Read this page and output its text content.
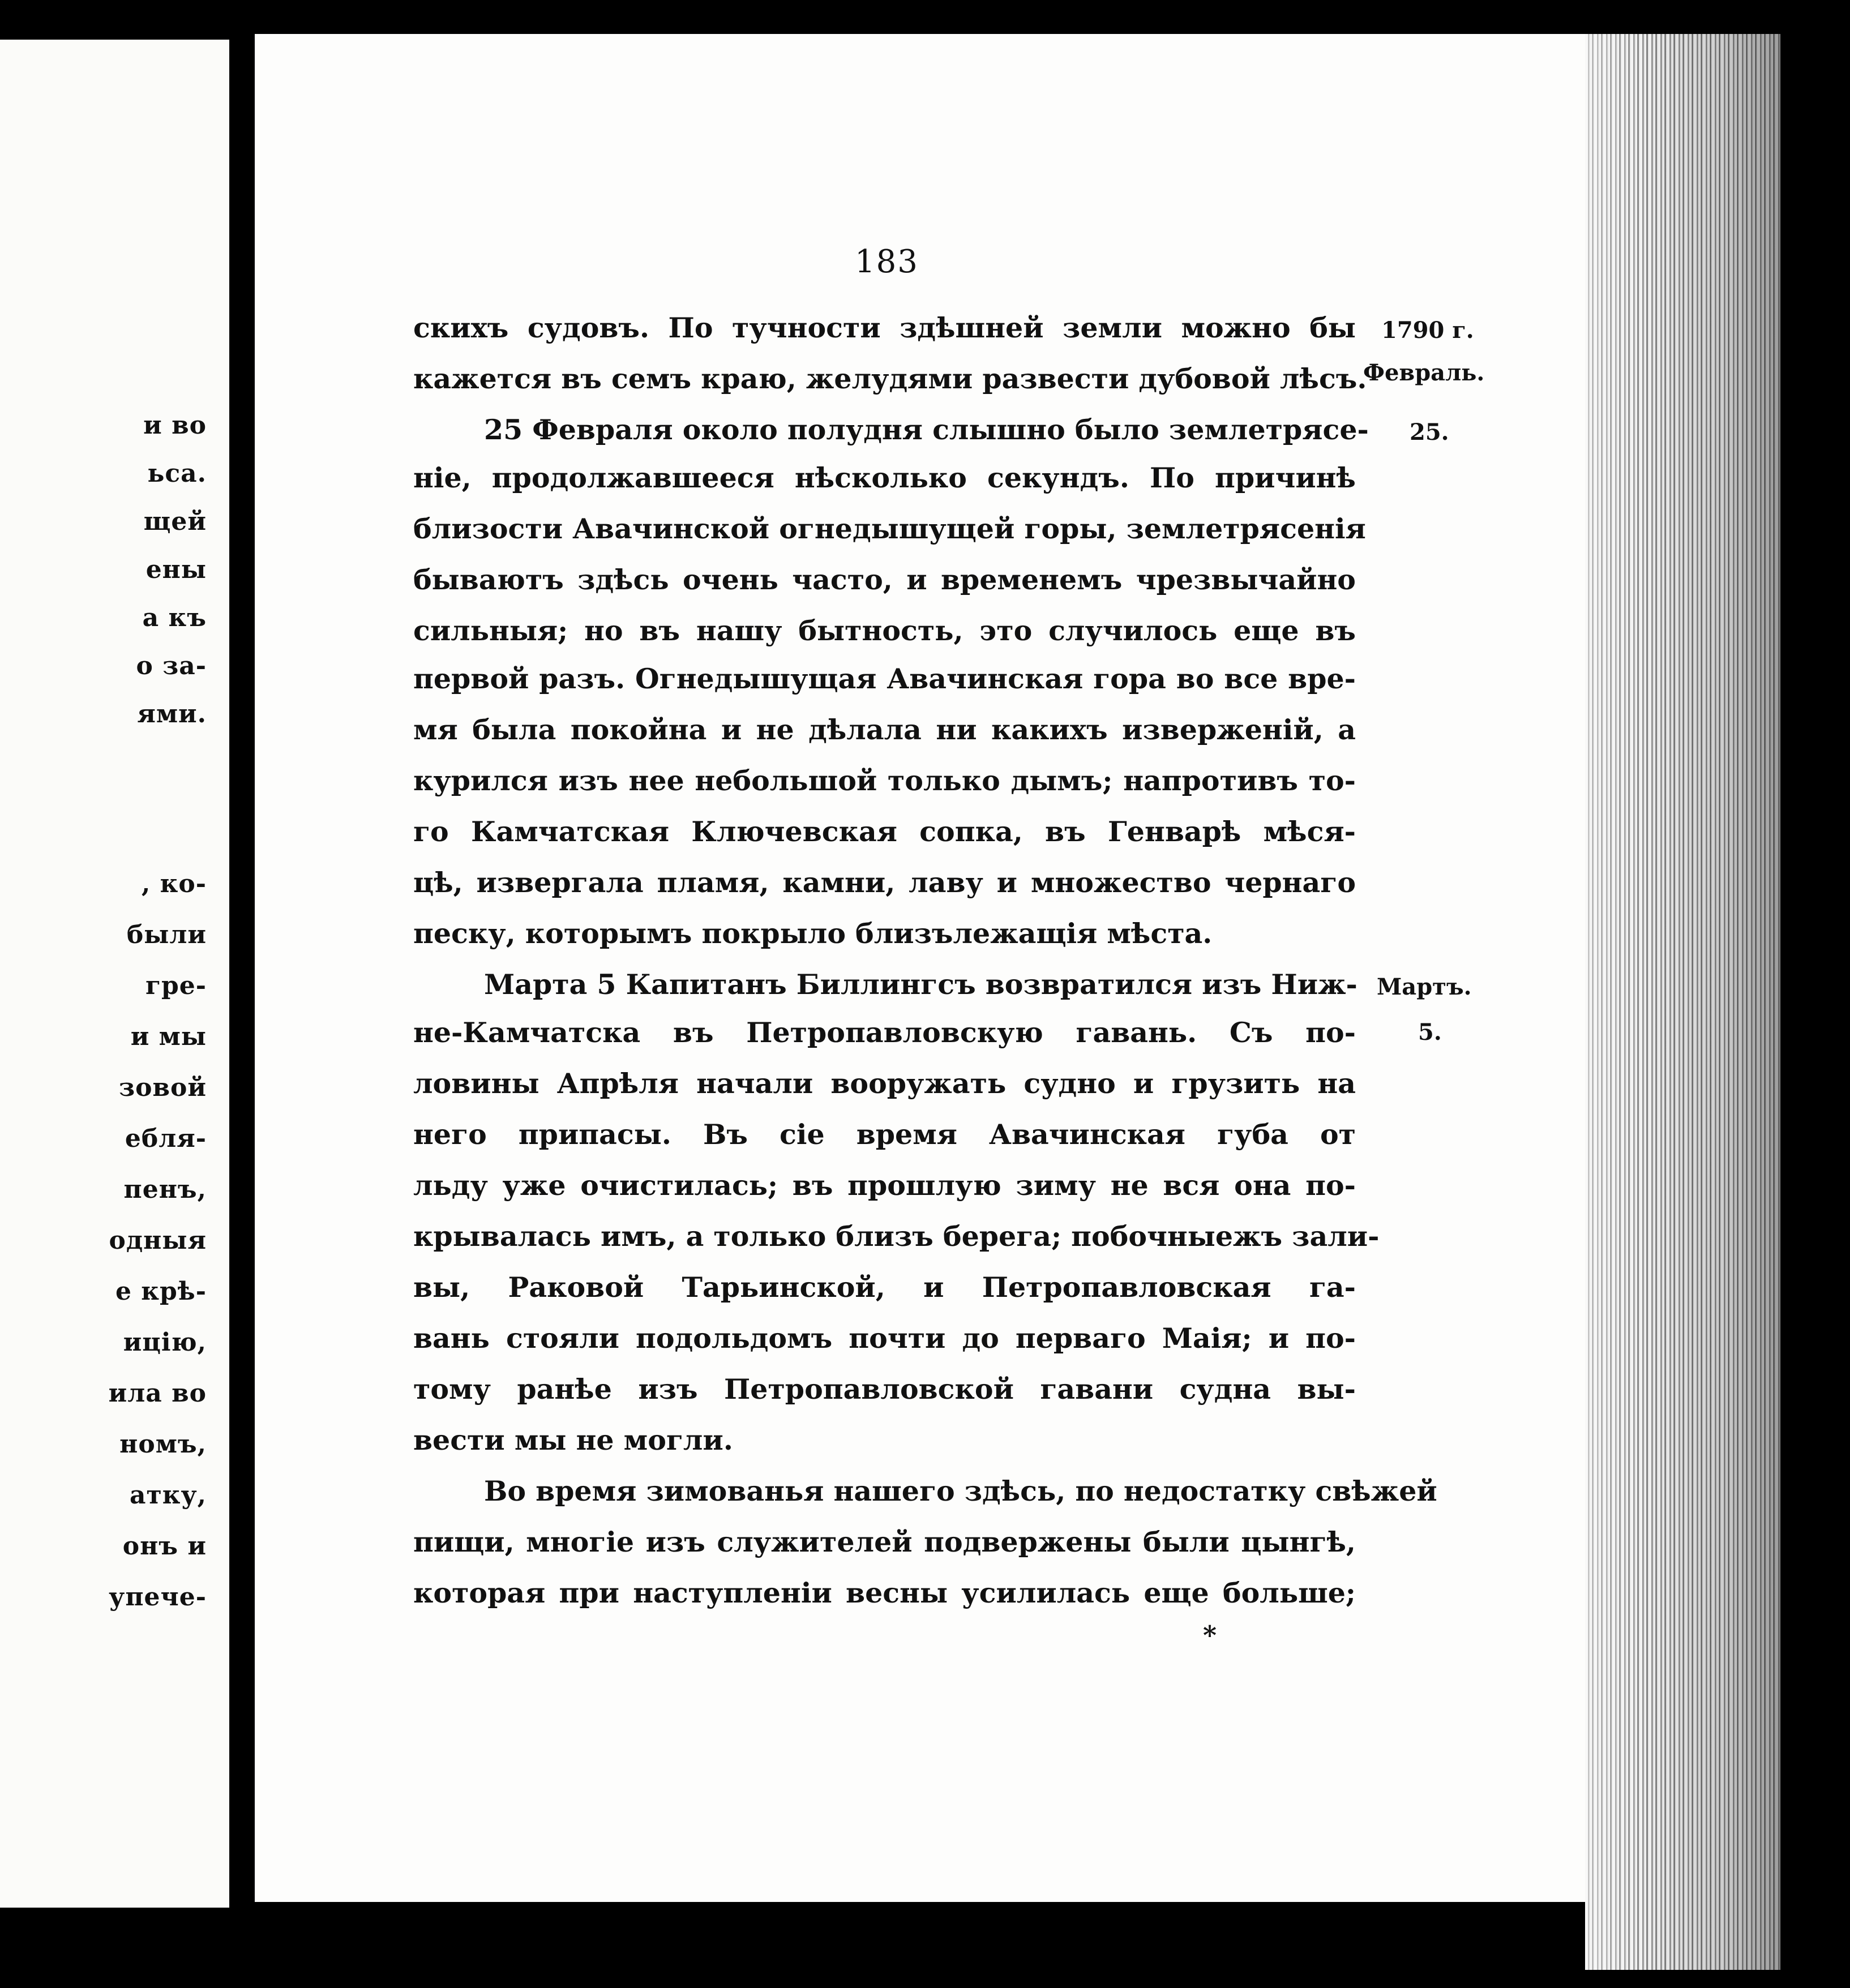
и во
ьса.
щей
ены
а къ
о за-
ями.
, ко-
были
гре-
и мы
зовой
ебля-
пенъ,
одныя
е крѣ-
ицію,
ила во
номъ,
атку,
онъ и
упече-
183
1790 г.
Февраль.
25.
Мартъ.
5.
скихъ судовъ. По тучности здѣшней земли можно бы
кажется въ семъ краю, желудями развести дубовой лѣсъ.
25 Февраля около полудня слышно было землетрясе-
ніе, продолжавшееся нѣсколько секундъ. По причинѣ
близости Авачинской огнедышущей горы, землетрясенія
бываютъ здѣсь очень часто, и временемъ чрезвычайно
сильныя; но въ нашу бытность, это случилось еще въ
первой разъ. Огнедышущая Авачинская гора во все вре-
мя была покойна и не дѣлала ни какихъ изверженій, а
курился изъ нее небольшой только дымъ; напротивъ то-
го Камчатская Ключевская сопка, въ Генварѣ мѣся-
цѣ, извергала пламя, камни, лаву и множество чернаго
песку, которымъ покрыло близълежащія мѣста.
Марта 5 Капитанъ Биллингсъ возвратился изъ Ниж-
не-Камчатска въ Петропавловскую гавань. Съ по-
ловины Апрѣля начали вооружать судно и грузить на
него припасы. Въ сіе время Авачинская губа от
льду уже очистилась; въ прошлую зиму не вся она по-
крывалась имъ, а только близъ берега; побочныежъ зали-
вы, Раковой Тарьинской, и Петропавловская га-
вань стояли подольдомъ почти до перваго Маія; и по-
тому ранѣе изъ Петропавловской гавани судна вы-
вести мы не могли.
Во время зимованья нашего здѣсь, по недостатку свѣжей
пищи, многіе изъ служителей подвержены были цынгѣ,
которая при наступленіи весны усилилась еще больше;
*
